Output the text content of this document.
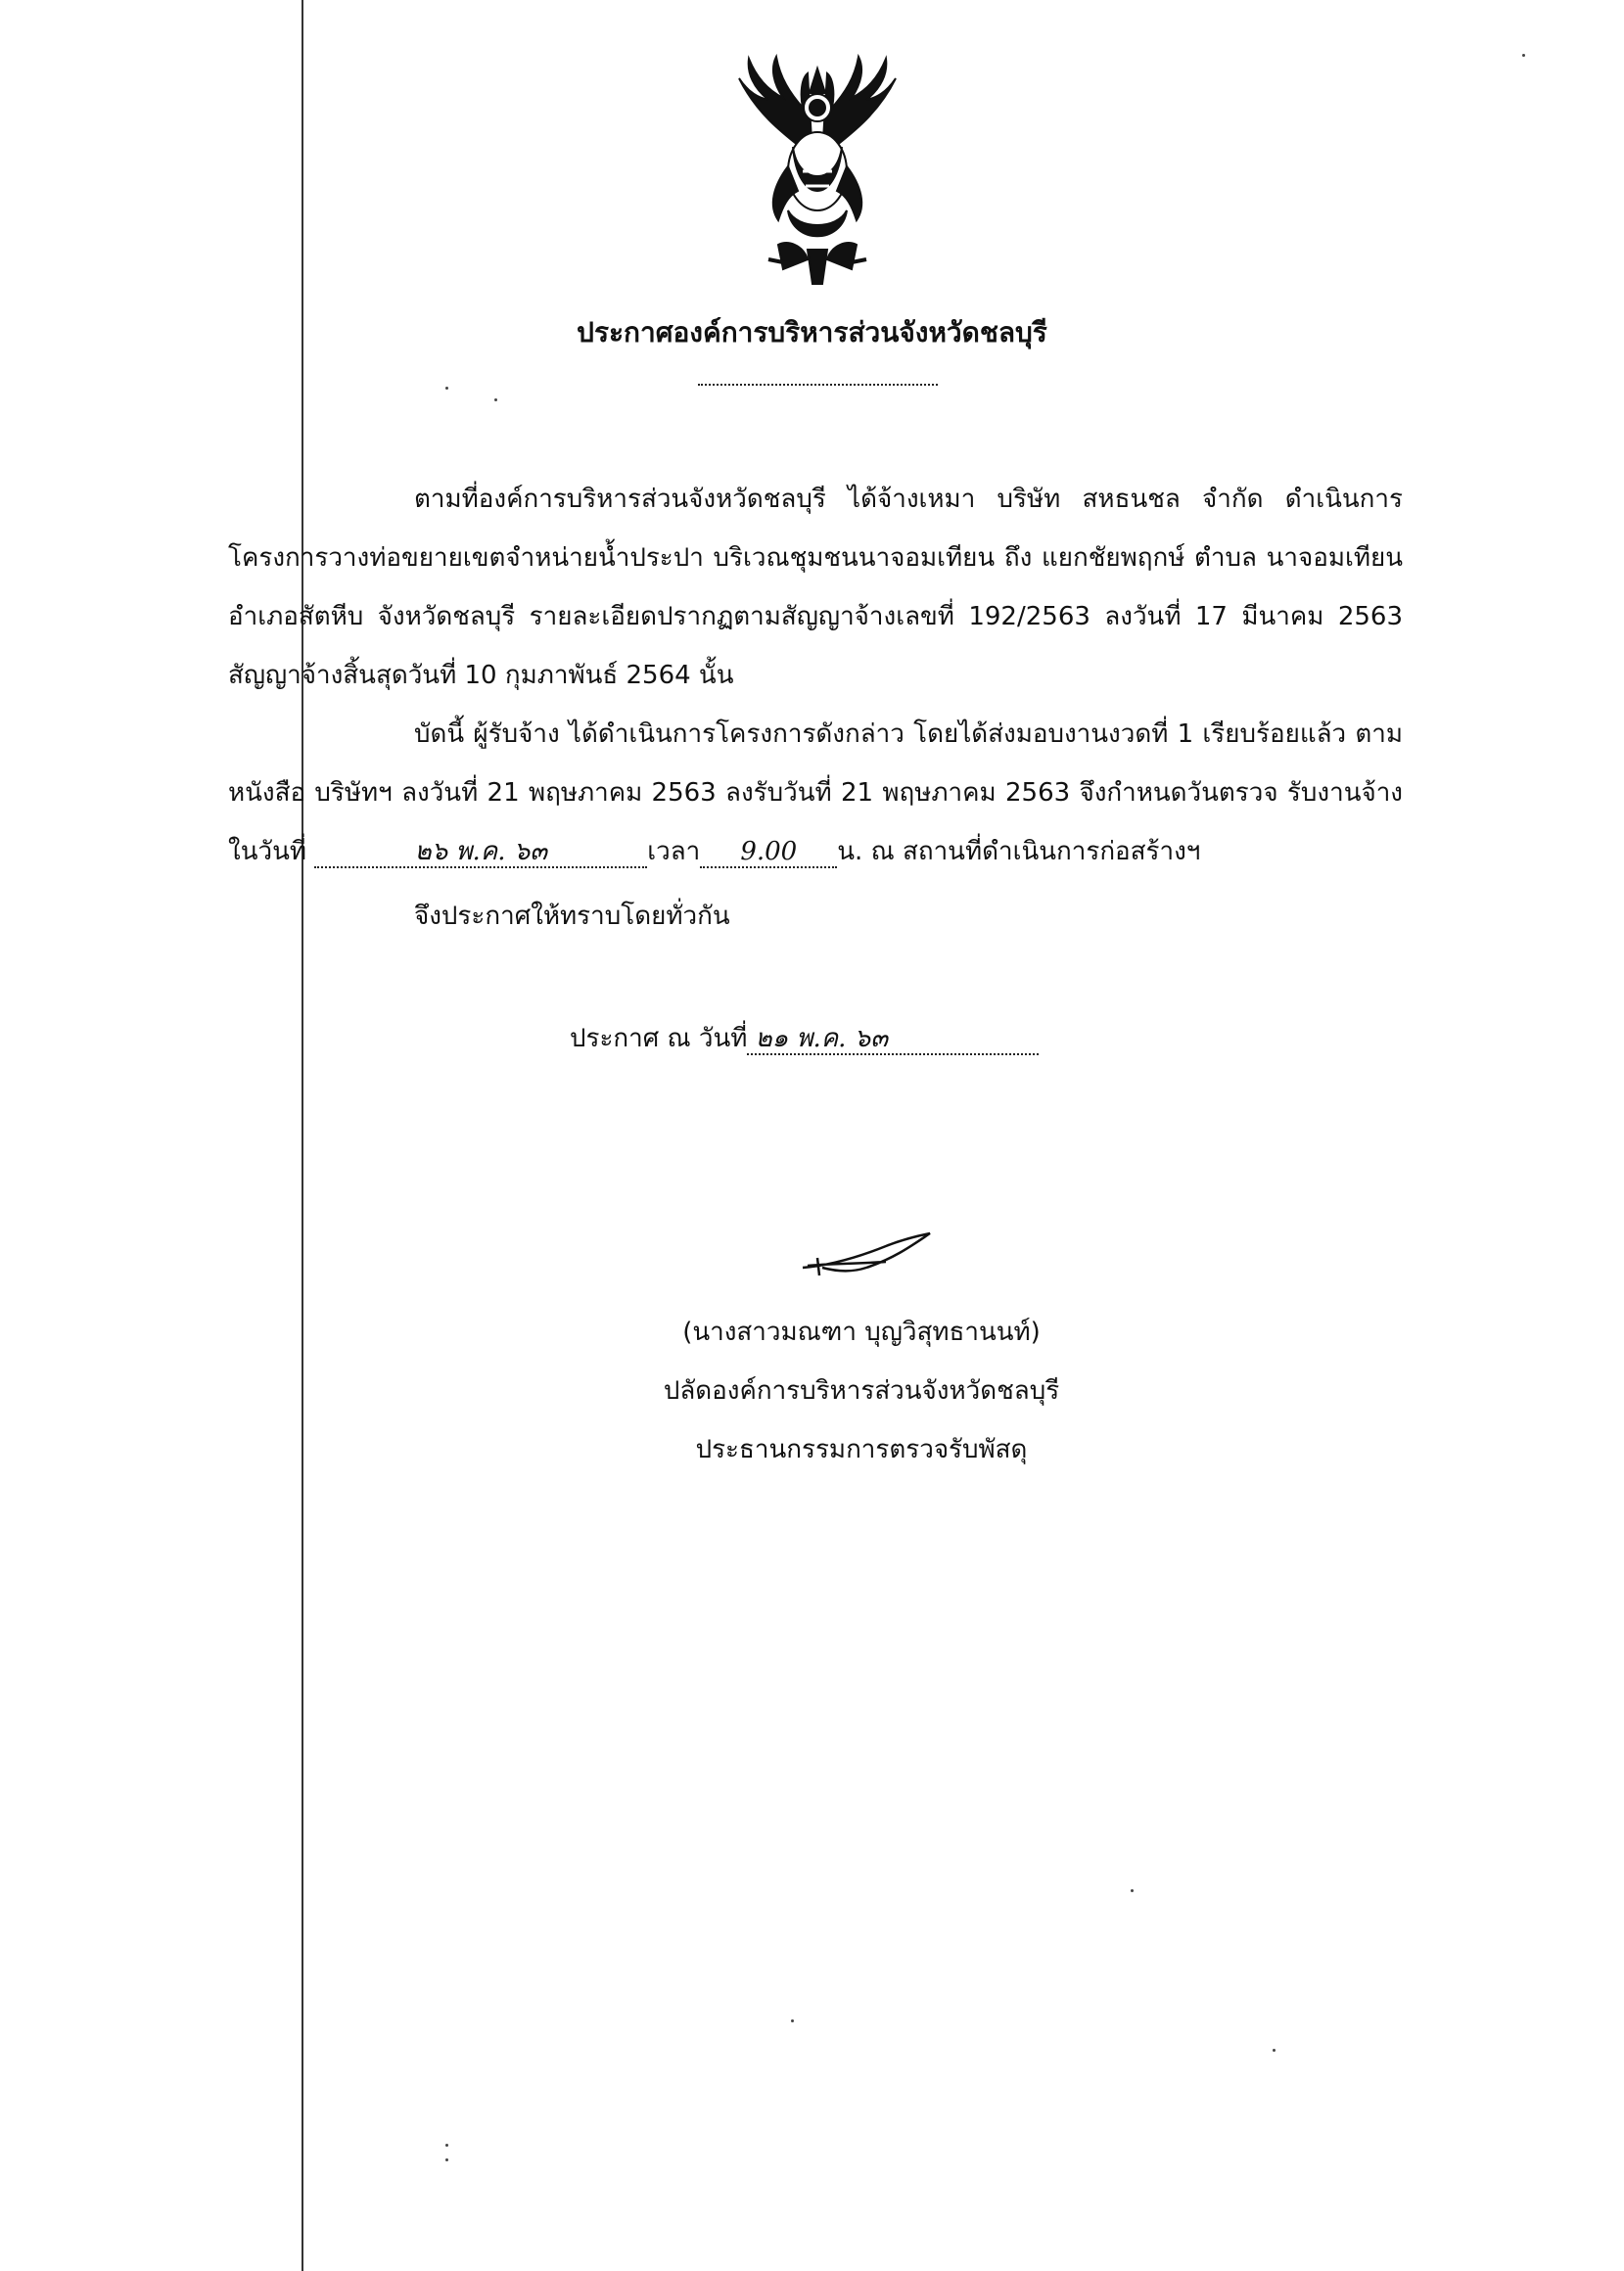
ประกาศองค์การบริหารส่วนจังหวัดชลบุรี
ตามที่องค์การบริหารส่วนจังหวัดชลบุรี ได้จ้างเหมา บริษัท สหธนชล จำกัด ดำเนินการ โครงการวางท่อขยายเขตจำหน่ายน้ำประปา บริเวณชุมชนนาจอมเทียน ถึง แยกชัยพฤกษ์ ตำบล นาจอมเทียน อำเภอสัตหีบ จังหวัดชลบุรี รายละเอียดปรากฏตามสัญญาจ้างเลขที่ 192/2563 ลงวันที่ 17 มีนาคม 2563 สัญญาจ้างสิ้นสุดวันที่ 10 กุมภาพันธ์ 2564 นั้น
บัดนี้ ผู้รับจ้าง ได้ดำเนินการโครงการดังกล่าว โดยได้ส่งมอบงานงวดที่ 1 เรียบร้อยแล้ว ตามหนังสือ บริษัทฯ ลงวันที่ 21 พฤษภาคม 2563 ลงรับวันที่ 21 พฤษภาคม 2563 จึงกำหนดวันตรวจ รับงานจ้าง ในวันที่	๒๖ พ.ค. ๖๓	เวลา 9.00 น. ณ สถานที่ดำเนินการก่อสร้างฯ
จึงประกาศให้ทราบโดยทั่วกัน
ประกาศ ณ วันที่ ๒๑ พ.ค. ๖๓
(นางสาวมณฑา บุญวิสุทธานนท์)
ปลัดองค์การบริหารส่วนจังหวัดชลบุรี
ประธานกรรมการตรวจรับพัสดุ
